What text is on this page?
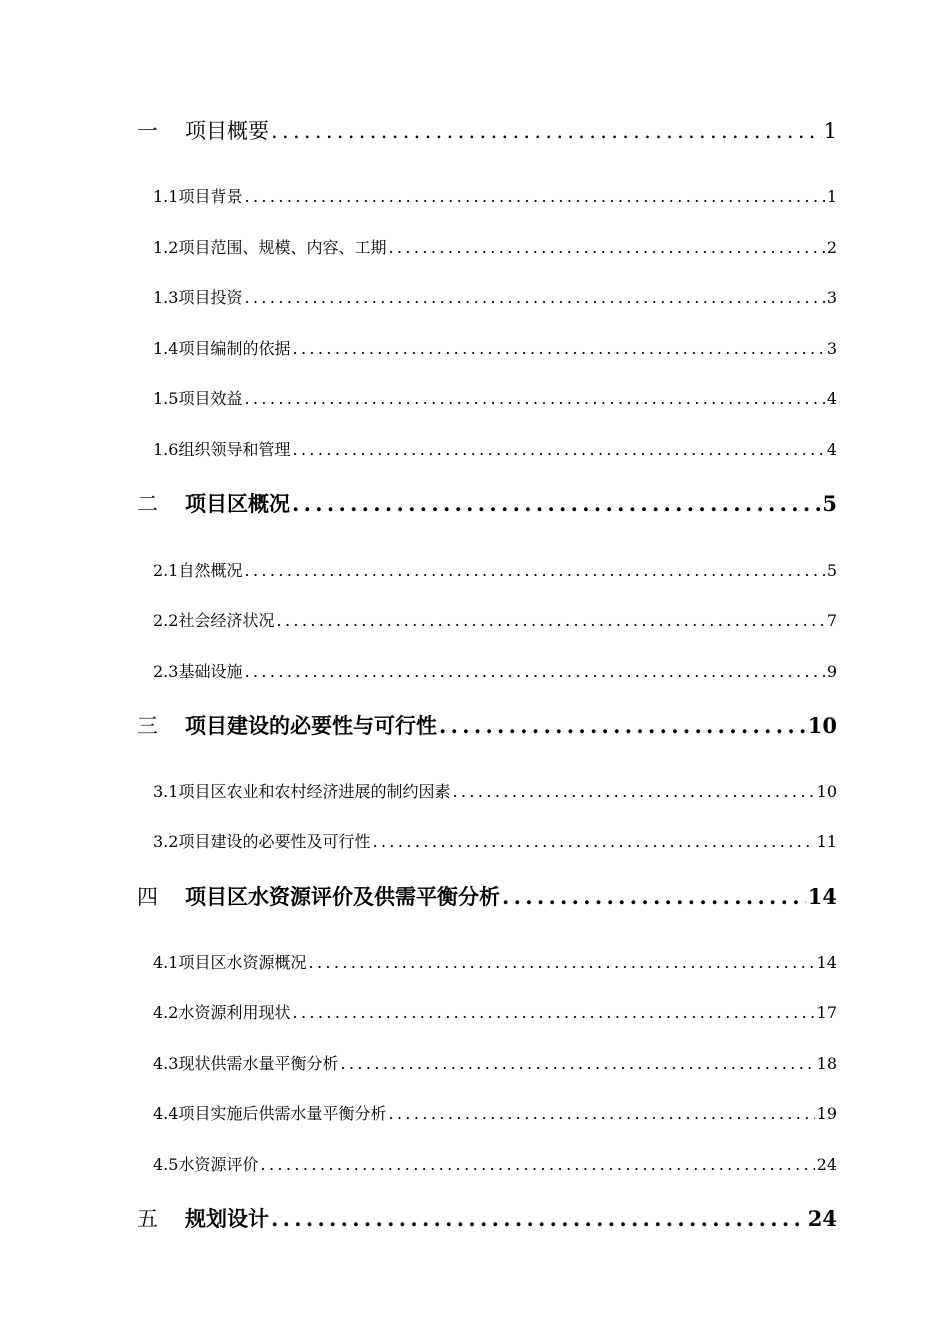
一	项目概要 .....	1
1.1项目背景 .....	1
1.2项目范围、规模、内容、工期 .....	2
1.3项目投资 .....	3
1.4项目编制的依据 .....	3
1.5项目效益 .....	4
1.6组织领导和管理 .....	4
二	项目区概况 .....	5
2.1自然概况 .....	5
2.2社会经济状况 .....	7
2.3基础设施 .....	9
三	项目建设的必要性与可行性 .....	10
3.1项目区农业和农村经济进展的制约因素 .....	10
3.2项目建设的必要性及可行性 .....	11
四	项目区水资源评价及供需平衡分析 .....	14
4.1项目区水资源概况 .....	14
4.2水资源利用现状 .....	17
4.3现状供需水量平衡分析 .....	18
4.4项目实施后供需水量平衡分析 .....	19
4.5水资源评价 .....	24
五	规划设计 .....	24
